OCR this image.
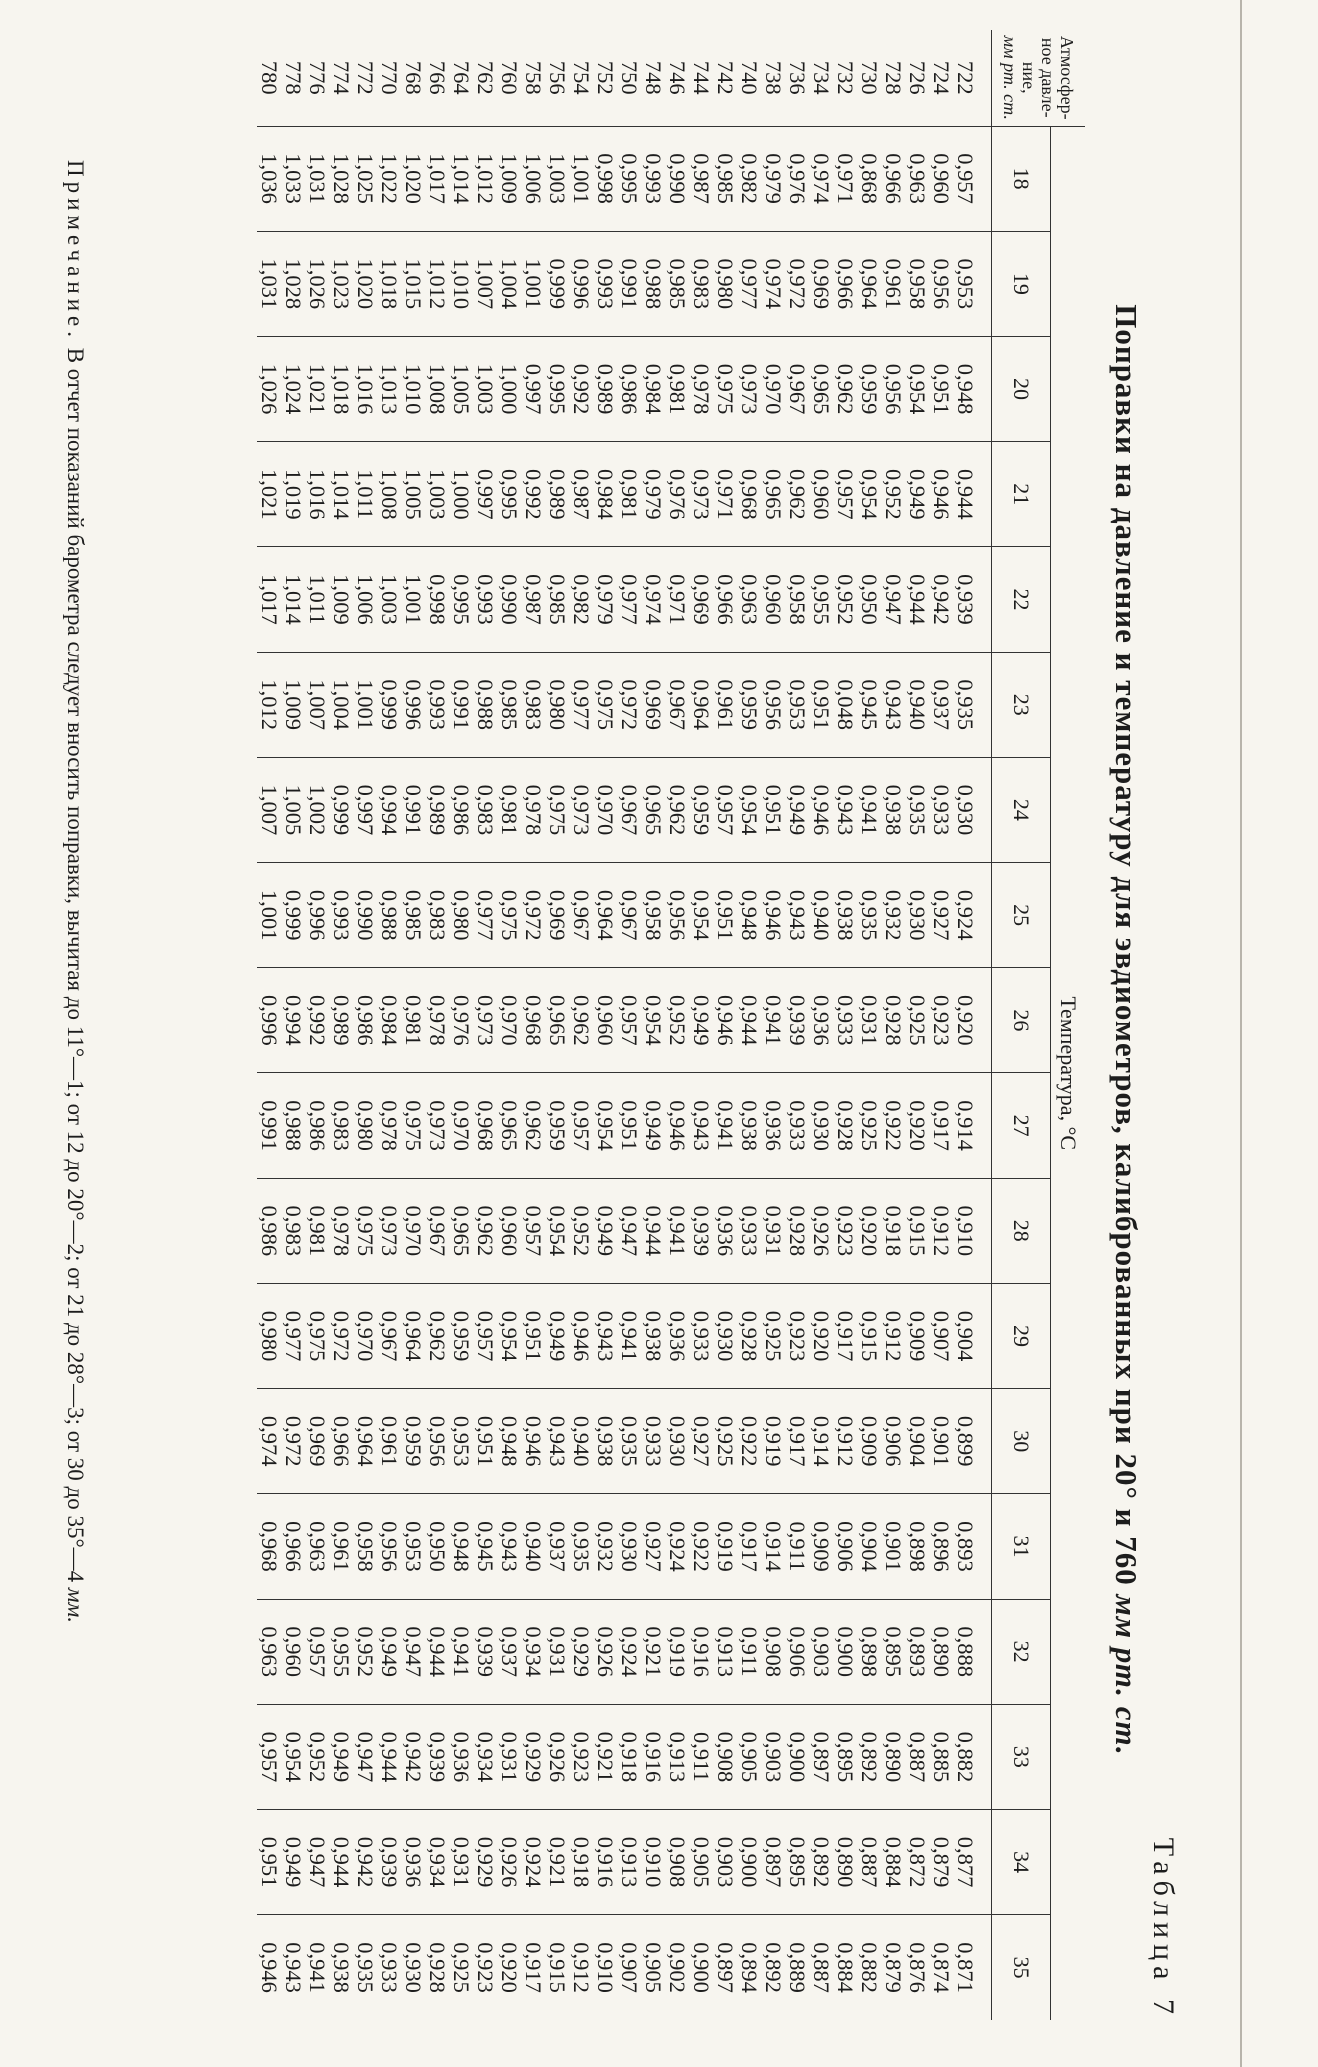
Таблица 7
Поправки на давление и температуру для эвдиометров, калиброванных при 20° и 760 мм рт. ст.
Атмосфер-
ное давле-
ние,
мм рт. ст.	Температура, °С																	
	18	19	20	21	22	23	24	25	26	27	28	29	30	31	32	33	34	35
722	0,957	0,953	0,948	0,944	0,939	0,935	0,930	0,924	0,920	0,914	0,910	0,904	0,899	0,893	0,888	0,882	0,877	0,871
724	0,960	0,956	0,951	0,946	0,942	0,937	0,933	0,927	0,923	0,917	0,912	0,907	0,901	0,896	0,890	0,885	0,879	0,874
726	0,963	0,958	0,954	0,949	0,944	0,940	0,935	0,930	0,925	0,920	0,915	0,909	0,904	0,898	0,893	0,887	0,872	0,876
728	0,966	0,961	0,956	0,952	0,947	0,943	0,938	0,932	0,928	0,922	0,918	0,912	0,906	0,901	0,895	0,890	0,884	0,879
730	0,868	0,964	0,959	0,954	0,950	0,945	0,941	0,935	0,931	0,925	0,920	0,915	0,909	0,904	0,898	0,892	0,887	0,882
732	0,971	0,966	0,962	0,957	0,952	0,048	0,943	0,938	0,933	0,928	0,923	0,917	0,912	0,906	0,900	0,895	0,890	0,884
734	0,974	0,969	0,965	0,960	0,955	0,951	0,946	0,940	0,936	0,930	0,926	0,920	0,914	0,909	0,903	0,897	0,892	0,887
736	0,976	0,972	0,967	0,962	0,958	0,953	0,949	0,943	0,939	0,933	0,928	0,923	0,917	0,911	0,906	0,900	0,895	0,889
738	0,979	0,974	0,970	0,965	0,960	0,956	0,951	0,946	0,941	0,936	0,931	0,925	0,919	0,914	0,908	0,903	0,897	0,892
740	0,982	0,977	0,973	0,968	0,963	0,959	0,954	0,948	0,944	0,938	0,933	0,928	0,922	0,917	0,911	0,905	0,900	0,894
742	0,985	0,980	0,975	0,971	0,966	0,961	0,957	0,951	0,946	0,941	0,936	0,930	0,925	0,919	0,913	0,908	0,903	0,897
744	0,987	0,983	0,978	0,973	0,969	0,964	0,959	0,954	0,949	0,943	0,939	0,933	0,927	0,922	0,916	0,911	0,905	0,900
746	0,990	0,985	0,981	0,976	0,971	0,967	0,962	0,956	0,952	0,946	0,941	0,936	0,930	0,924	0,919	0,913	0,908	0,902
748	0,993	0,988	0,984	0,979	0,974	0,969	0,965	0,958	0,954	0,949	0,944	0,938	0,933	0,927	0,921	0,916	0,910	0,905
750	0,995	0,991	0,986	0,981	0,977	0,972	0,967	0,967	0,957	0,951	0,947	0,941	0,935	0,930	0,924	0,918	0,913	0,907
752	0,998	0,993	0,989	0,984	0,979	0,975	0,970	0,964	0,960	0,954	0,949	0,943	0,938	0,932	0,926	0,921	0,916	0,910
754	1,001	0,996	0,992	0,987	0,982	0,977	0,973	0,967	0,962	0,957	0,952	0,946	0,940	0,935	0,929	0,923	0,918	0,912
756	1,003	0,999	0,995	0,989	0,985	0,980	0,975	0,969	0,965	0,959	0,954	0,949	0,943	0,937	0,931	0,926	0,921	0,915
758	1,006	1,001	0,997	0,992	0,987	0,983	0,978	0,972	0,968	0,962	0,957	0,951	0,946	0,940	0,934	0,929	0,924	0,917
760	1,009	1,004	1,000	0,995	0,990	0,985	0,981	0,975	0,970	0,965	0,960	0,954	0,948	0,943	0,937	0,931	0,926	0,920
762	1,012	1,007	1,003	0,997	0,993	0,988	0,983	0,977	0,973	0,968	0,962	0,957	0,951	0,945	0,939	0,934	0,929	0,923
764	1,014	1,010	1,005	1,000	0,995	0,991	0,986	0,980	0,976	0,970	0,965	0,959	0,953	0,948	0,941	0,936	0,931	0,925
766	1,017	1,012	1,008	1,003	0,998	0,993	0,989	0,983	0,978	0,973	0,967	0,962	0,956	0,950	0,944	0,939	0,934	0,928
768	1,020	1,015	1,010	1,005	1,001	0,996	0,991	0,985	0,981	0,975	0,970	0,964	0,959	0,953	0,947	0,942	0,936	0,930
770	1,022	1,018	1,013	1,008	1,003	0,999	0,994	0,988	0,984	0,978	0,973	0,967	0,961	0,956	0,949	0,944	0,939	0,933
772	1,025	1,020	1,016	1,011	1,006	1,001	0,997	0,990	0,986	0,980	0,975	0,970	0,964	0,958	0,952	0,947	0,942	0,935
774	1,028	1,023	1,018	1,014	1,009	1,004	0,999	0,993	0,989	0,983	0,978	0,972	0,966	0,961	0,955	0,949	0,944	0,938
776	1,031	1,026	1,021	1,016	1,011	1,007	1,002	0,996	0,992	0,986	0,981	0,975	0,969	0,963	0,957	0,952	0,947	0,941
778	1,033	1,028	1,024	1,019	1,014	1,009	1,005	0,999	0,994	0,988	0,983	0,977	0,972	0,966	0,960	0,954	0,949	0,943
780	1,036	1,031	1,026	1,021	1,017	1,012	1,007	1,001	0,996	0,991	0,986	0,980	0,974	0,968	0,963	0,957	0,951	0,946
Примечание. В отчет показаний барометра следует вносить поправки, вычитая до 11°—1; от 12 до 20°—2; от 21 до 28°—3; от 30 до 35°—4 мм.
